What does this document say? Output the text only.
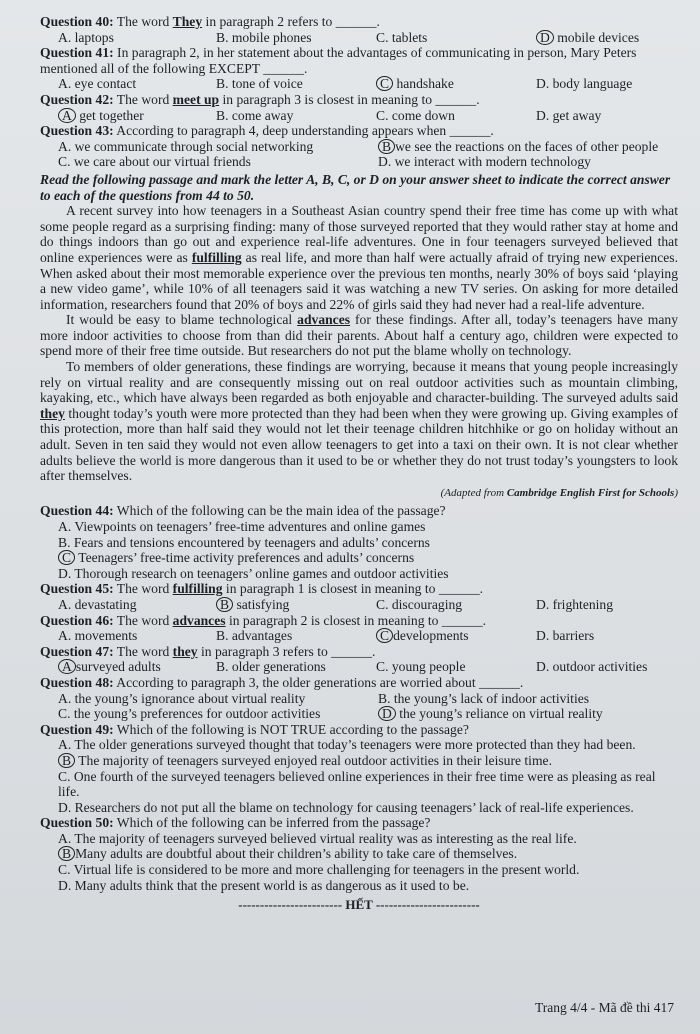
Question 40: The word They in paragraph 2 refers to ______.
A. laptops	B. mobile phones	C. tablets	D mobile devices
Question 41: In paragraph 2, in her statement about the advantages of communicating in person, Mary Peters mentioned all of the following EXCEPT ______.
A. eye contact	B. tone of voice	C handshake	D. body language
Question 42: The word meet up in paragraph 3 is closest in meaning to ______.
A get together	B. come away	C. come down	D. get away
Question 43: According to paragraph 4, deep understanding appears when ______.
A. we communicate through social networking	B we see the reactions on the faces of other people
C. we care about our virtual friends	D. we interact with modern technology
Read the following passage and mark the letter A, B, C, or D on your answer sheet to indicate the correct answer to each of the questions from 44 to 50.
A recent survey into how teenagers in a Southeast Asian country spend their free time has come up with what some people regard as a surprising finding: many of those surveyed reported that they would rather stay at home and do things indoors than go out and experience real-life adventures. One in four teenagers surveyed believed that online experiences were as fulfilling as real life, and more than half were actually afraid of trying new experiences. When asked about their most memorable experience over the previous ten months, nearly 30% of boys said ‘playing a new video game’, while 10% of all teenagers said it was watching a new TV series. On asking for more detailed information, researchers found that 20% of boys and 22% of girls said they had never had a real-life adventure.
It would be easy to blame technological advances for these findings. After all, today’s teenagers have many more indoor activities to choose from than did their parents. About half a century ago, children were expected to spend more of their free time outside. But researchers do not put the blame wholly on technology.
To members of older generations, these findings are worrying, because it means that young people increasingly rely on virtual reality and are consequently missing out on real outdoor activities such as mountain climbing, kayaking, etc., which have always been regarded as both enjoyable and character-building. The surveyed adults said they thought today’s youth were more protected than they had been when they were growing up. Giving examples of this protection, more than half said they would not let their teenage children hitchhike or go on holiday without an adult. Seven in ten said they would not even allow teenagers to get into a taxi on their own. It is not clear whether adults believe the world is more dangerous than it used to be or whether they do not trust today’s youngsters to look after themselves.
(Adapted from Cambridge English First for Schools)
Question 44: Which of the following can be the main idea of the passage?
A. Viewpoints on teenagers’ free-time adventures and online games
B. Fears and tensions encountered by teenagers and adults’ concerns
C Teenagers’ free-time activity preferences and adults’ concerns
D. Thorough research on teenagers’ online games and outdoor activities
Question 45: The word fulfilling in paragraph 1 is closest in meaning to ______.
A. devastating	B satisfying	C. discouraging	D. frightening
Question 46: The word advances in paragraph 2 is closest in meaning to ______.
A. movements	B. advantages	C developments	D. barriers
Question 47: The word they in paragraph 3 refers to ______.
A surveyed adults	B. older generations	C. young people	D. outdoor activities
Question 48: According to paragraph 3, the older generations are worried about ______.
A. the young’s ignorance about virtual reality	B. the young’s lack of indoor activities
C. the young’s preferences for outdoor activities	D the young’s reliance on virtual reality
Question 49: Which of the following is NOT TRUE according to the passage?
A. The older generations surveyed thought that today’s teenagers were more protected than they had been.
B The majority of teenagers surveyed enjoyed real outdoor activities in their leisure time.
C. One fourth of the surveyed teenagers believed online experiences in their free time were as pleasing as real life.
D. Researchers do not put all the blame on technology for causing teenagers’ lack of real-life experiences.
Question 50: Which of the following can be inferred from the passage?
A. The majority of teenagers surveyed believed virtual reality was as interesting as the real life.
B Many adults are doubtful about their children’s ability to take care of themselves.
C. Virtual life is considered to be more and more challenging for teenagers in the present world.
D. Many adults think that the present world is as dangerous as it used to be.
------------------------ HẾT ------------------------
Trang 4/4 - Mã đề thi 417
